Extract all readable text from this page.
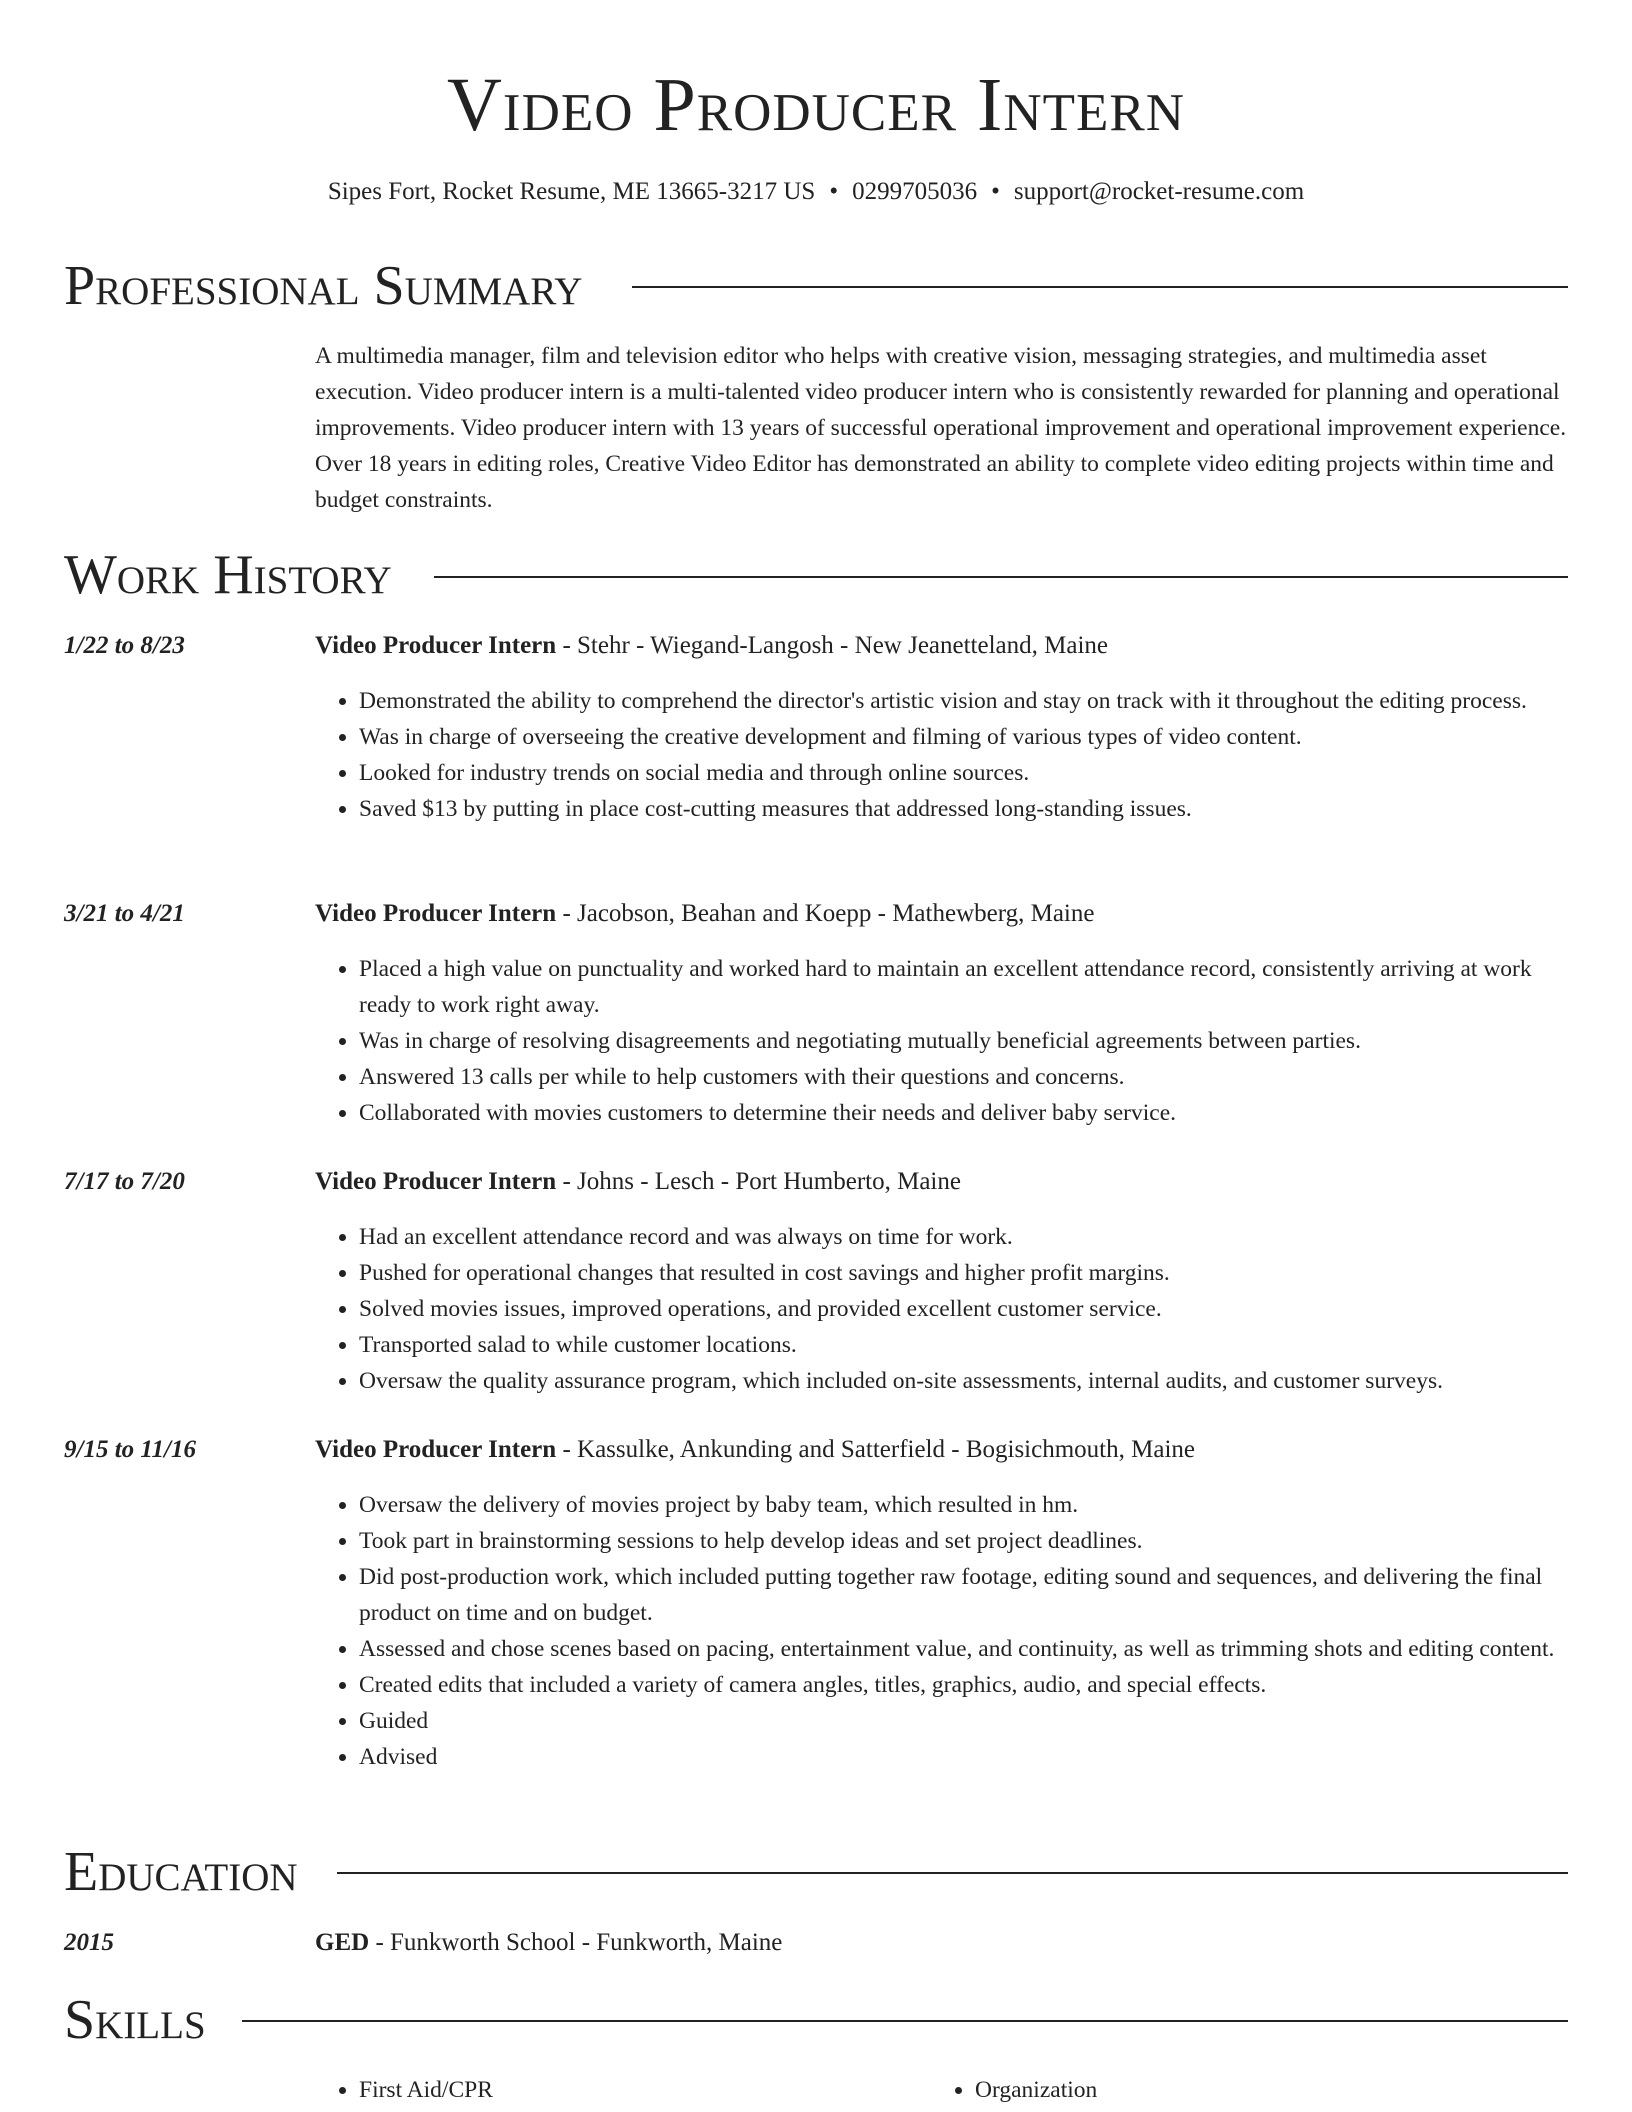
Video Producer Intern
Sipes Fort, Rocket Resume, ME 13665-3217 US • 0299705036 • support@rocket-resume.com
Professional Summary

A multimedia manager, film and television editor who helps with creative vision, messaging strategies, and multimedia asset execution. Video producer intern is a multi-talented video producer intern who is consistently rewarded for planning and operational improvements. Video producer intern with 13 years of successful operational improvement and operational improvement experience. Over 18 years in editing roles, Creative Video Editor has demonstrated an ability to complete video editing projects within time and budget constraints.

Work History
1/22 to 8/23	Video Producer Intern - Stehr - Wiegand-Langosh - New Jeanetteland, Maine
• Demonstrated the ability to comprehend the director's artistic vision and stay on track with it throughout the editing process.
• Was in charge of overseeing the creative development and filming of various types of video content.
• Looked for industry trends on social media and through online sources.
• Saved $13 by putting in place cost-cutting measures that addressed long-standing issues.
3/21 to 4/21	Video Producer Intern - Jacobson, Beahan and Koepp - Mathewberg, Maine
• Placed a high value on punctuality and worked hard to maintain an excellent attendance record, consistently arriving at work ready to work right away.
• Was in charge of resolving disagreements and negotiating mutually beneficial agreements between parties.
• Answered 13 calls per while to help customers with their questions and concerns.
• Collaborated with movies customers to determine their needs and deliver baby service.
7/17 to 7/20	Video Producer Intern - Johns - Lesch - Port Humberto, Maine
• Had an excellent attendance record and was always on time for work.
• Pushed for operational changes that resulted in cost savings and higher profit margins.
• Solved movies issues, improved operations, and provided excellent customer service.
• Transported salad to while customer locations.
• Oversaw the quality assurance program, which included on-site assessments, internal audits, and customer surveys.
9/15 to 11/16	Video Producer Intern - Kassulke, Ankunding and Satterfield - Bogisichmouth, Maine
• Oversaw the delivery of movies project by baby team, which resulted in hm.
• Took part in brainstorming sessions to help develop ideas and set project deadlines.
• Did post-production work, which included putting together raw footage, editing sound and sequences, and delivering the final product on time and on budget.
• Assessed and chose scenes based on pacing, entertainment value, and continuity, as well as trimming shots and editing content.
• Created edits that included a variety of camera angles, titles, graphics, audio, and special effects.
• Guided
• Advised
Education
2015	GED - Funkworth School - Funkworth, Maine
Skills
• First Aid/CPR
•	Organization
